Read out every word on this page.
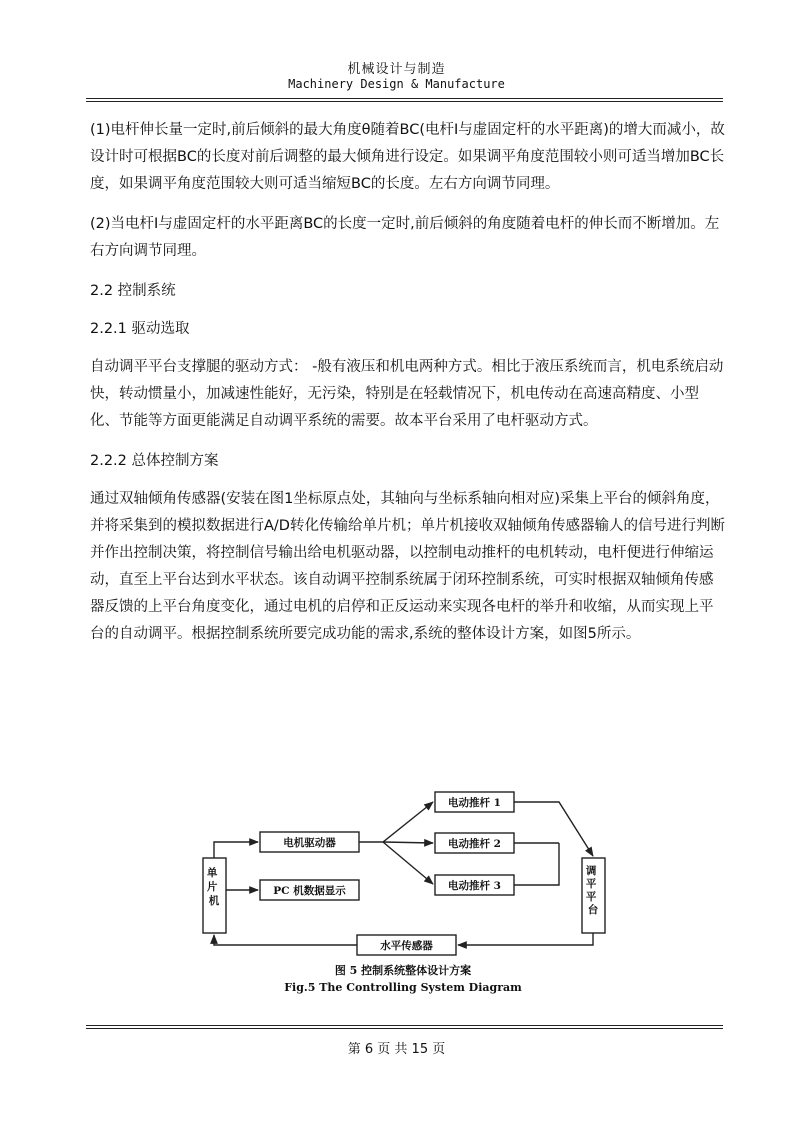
机械设计与制造
Machinery Design & Manufacture

(1)电杆伸长量一定时,前后倾斜的最大角度θ随着BC(电杆Ⅰ与虚固定杆的水平距离)的增大而减小，故设计时可根据BC的长度对前后调整的最大倾角进行设定。如果调平角度范围较小则可适当增加BC长度，如果调平角度范围较大则可适当缩短BC的长度。左右方向调节同理。

(2)当电杆Ⅰ与虚固定杆的水平距离BC的长度一定时,前后倾斜的角度随着电杆的伸长而不断增加。左右方向调节同理。

2.2 控制系统

2.2.1 驱动选取

自动调平平台支撑腿的驱动方式： -般有液压和机电两种方式。相比于液压系统而言，机电系统启动快，转动惯量小，加减速性能好，无污染，特别是在轻载情况下，机电传动在高速高精度、小型化、节能等方面更能满足自动调平系统的需要。故本平台采用了电杆驱动方式。

2.2.2 总体控制方案

通过双轴倾角传感器(安装在图1坐标原点处，其轴向与坐标系轴向相对应)采集上平台的倾斜角度，并将采集到的模拟数据进行A/D转化传输给单片机；单片机接收双轴倾角传感器输人的信号进行判断并作出控制决策，将控制信号输出给电机驱动器，以控制电动推杆的电机转动，电杆便进行伸缩运动，直至上平台达到水平状态。该自动调平控制系统属于闭环控制系统，可实时根据双轴倾角传感器反馈的上平台角度变化，通过电机的启停和正反运动来实现各电杆的举升和收缩，从而实现上平台的自动调平。根据控制系统所要完成功能的需求,系统的整体设计方案，如图5所示。

单 片 机
电机驱动器
PC 机数据显示
电动推杆 1
电动推杆 2
电动推杆 3
调 平 平 台
水平传感器
图 5 控制系统整体设计方案
Fig.5 The Controlling System Diagram
第 6 页 共 15 页
